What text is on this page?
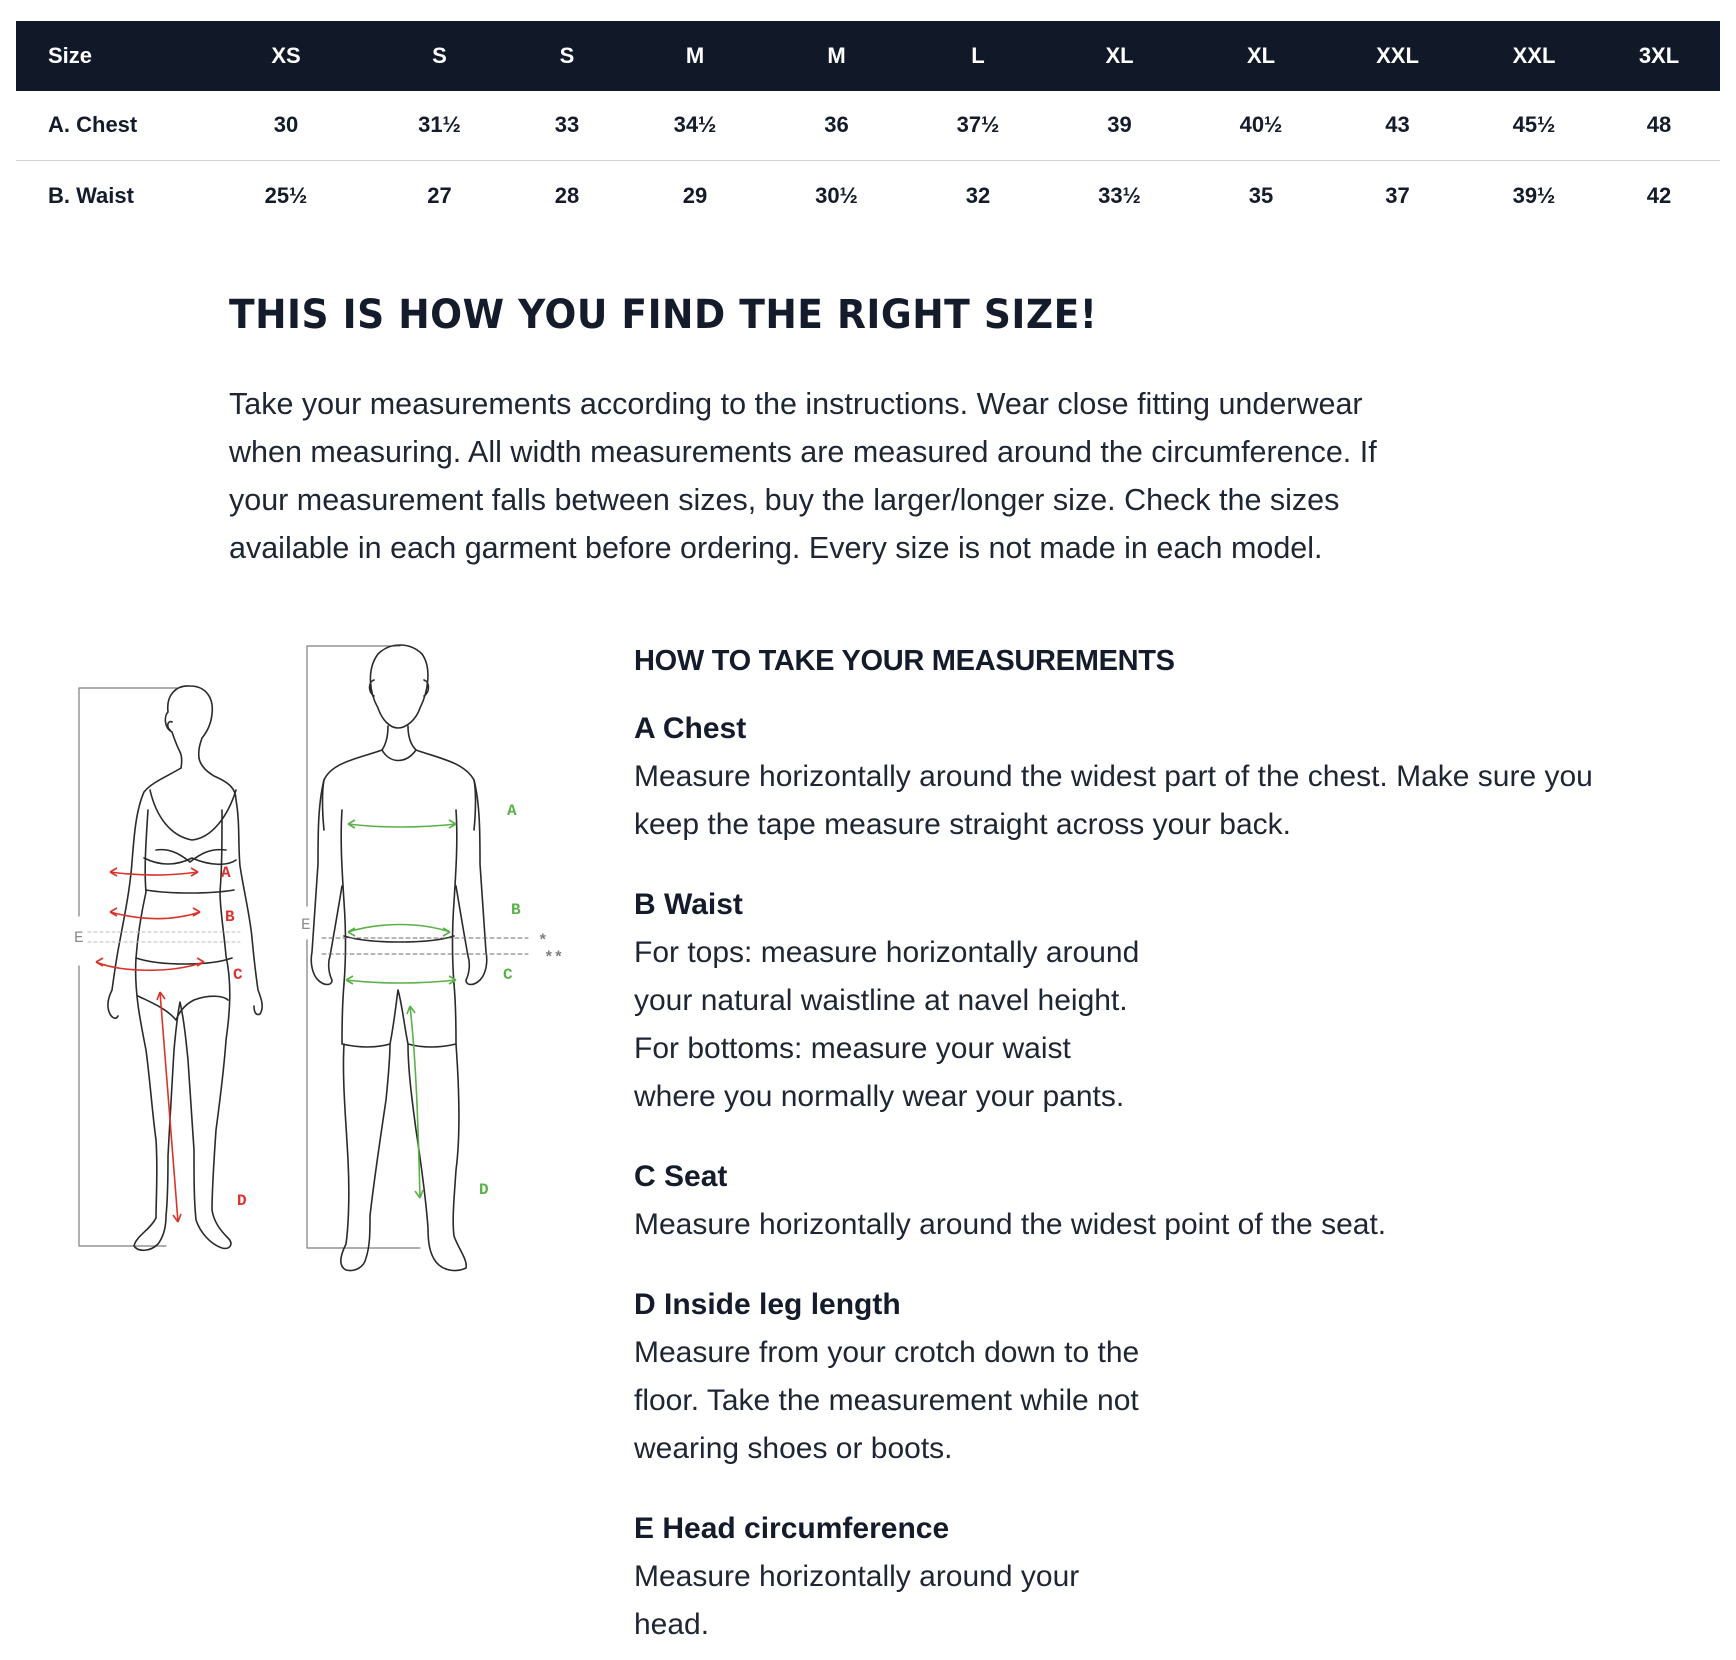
Size	XS	S	S	M	M	L	XL	XL	XXL	XXL	3XL
A. Chest	30	31½	33	34½	36	37½	39	40½	43	45½	48
B. Waist	25½	27	28	29	30½	32	33½	35	37	39½	42
THIS IS HOW YOU FIND THE RIGHT SIZE!

Take your measurements according to the instructions. Wear close fitting underwear
when measuring. All width measurements are measured around the circumference. If
your measurement falls between sizes, buy the larger/longer size. Check the sizes
available in each garment before ordering. Every size is not made in each model.

A
B
C
D
E
A
B
C
D
E
*
**
HOW TO TAKE YOUR MEASUREMENTS

A Chest

Measure horizontally around the widest part of the chest. Make sure you
keep the tape measure straight across your back.

B Waist

For tops: measure horizontally around
your natural waistline at navel height.
For bottoms: measure your waist
where you normally wear your pants.

C Seat

Measure horizontally around the widest point of the seat.

D Inside leg length

Measure from your crotch down to the
floor. Take the measurement while not
wearing shoes or boots.

E Head circumference

Measure horizontally around your
head.
